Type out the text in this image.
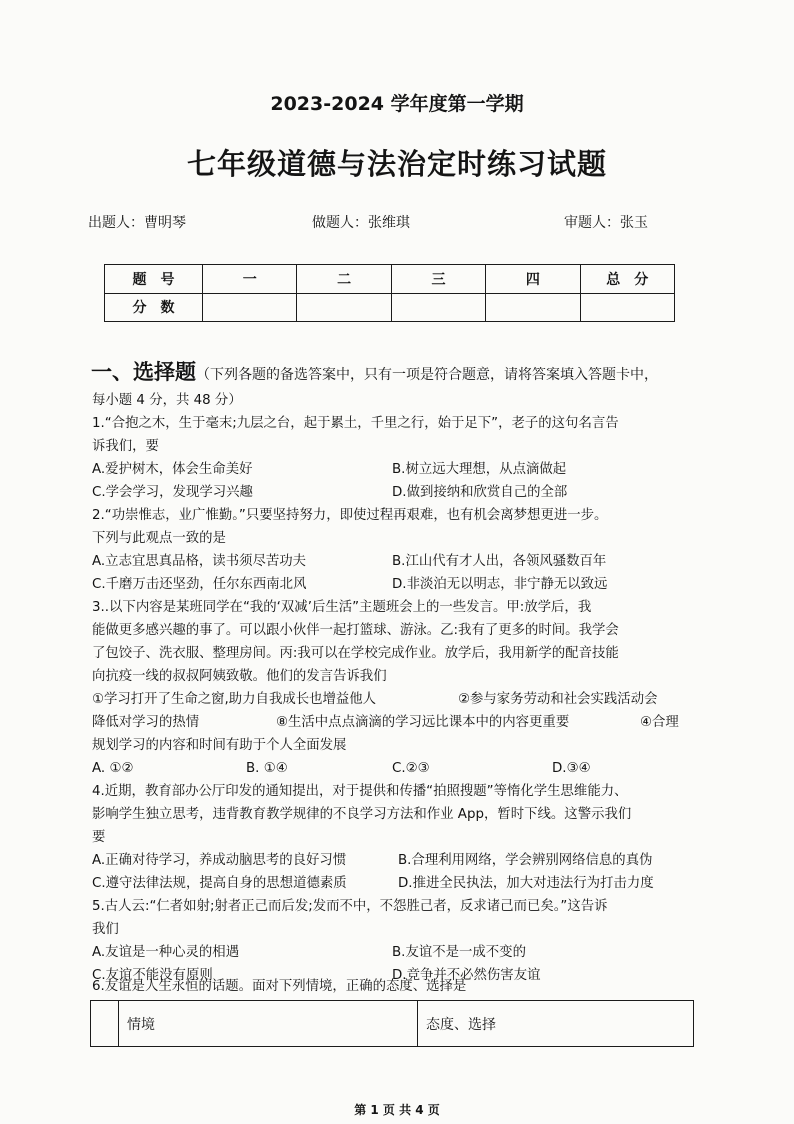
2023-2024 学年度第一学期
七年级道德与法治定时练习试题
出题人：曹明琴	做题人：张维琪	审题人：张玉
题　号	一	二	三	四	总　分
分　数					
一、选择题（下列各题的备选答案中，只有一项是符合题意，请将答案填入答题卡中，
每小题 4 分，共 48 分）
1.“合抱之木，生于毫末;九层之台，起于累土，千里之行，始于足下”，老子的这句名言告
诉我们，要
A.爱护树木，体会生命美好	B.树立远大理想，从点滴做起
C.学会学习，发现学习兴趣	D.做到接纳和欣赏自己的全部
2.“功崇惟志，业广惟勤。”只要坚持努力，即使过程再艰难，也有机会离梦想更进一步。
下列与此观点一致的是
A.立志宜思真品格，读书须尽苦功夫	B.江山代有才人出，各领风骚数百年
C.千磨万击还坚劲，任尔东西南北风	D.非淡泊无以明志，非宁静无以致远
3..以下内容是某班同学在“我的‘双减’后生活”主题班会上的一些发言。甲:放学后，我
能做更多感兴趣的事了。可以跟小伙伴一起打篮球、游泳。乙:我有了更多的时间。我学会
了包饺子、洗衣服、整理房间。丙:我可以在学校完成作业。放学后，我用新学的配音技能
向抗疫一线的叔叔阿姨致敬。他们的发言告诉我们
①学习打开了生命之窗,助力自我成长也增益他人	②参与家务劳动和社会实践活动会
降低对学习的热情	⑧生活中点点滴滴的学习远比课本中的内容更重要	④合理
规划学习的内容和时间有助于个人全面发展
A. ①②	B. ①④	C.②③	D.③④
4.近期，教育部办公厅印发的通知提出，对于提供和传播“拍照搜题”等惰化学生思维能力、
影响学生独立思考，违背教育教学规律的不良学习方法和作业 App，暂时下线。这警示我们
要
A.正确对待学习，养成动脑思考的良好习惯	B.合理利用网络，学会辨别网络信息的真伪
C.遵守法律法规，提高自身的思想道德素质	D.推进全民执法，加大对违法行为打击力度
5.古人云:“仁者如射;射者正己而后发;发而不中，不怨胜己者，反求诸己而已矣。”这告诉
我们
A.友谊是一种心灵的相遇	B.友谊不是一成不变的
C.友谊不能没有原则	D.竞争并不必然伤害友谊
	情境	态度、选择
第 1 页 共 4 页
6.友谊是人生永恒的话题。面对下列情境，正确的态度、选择是
